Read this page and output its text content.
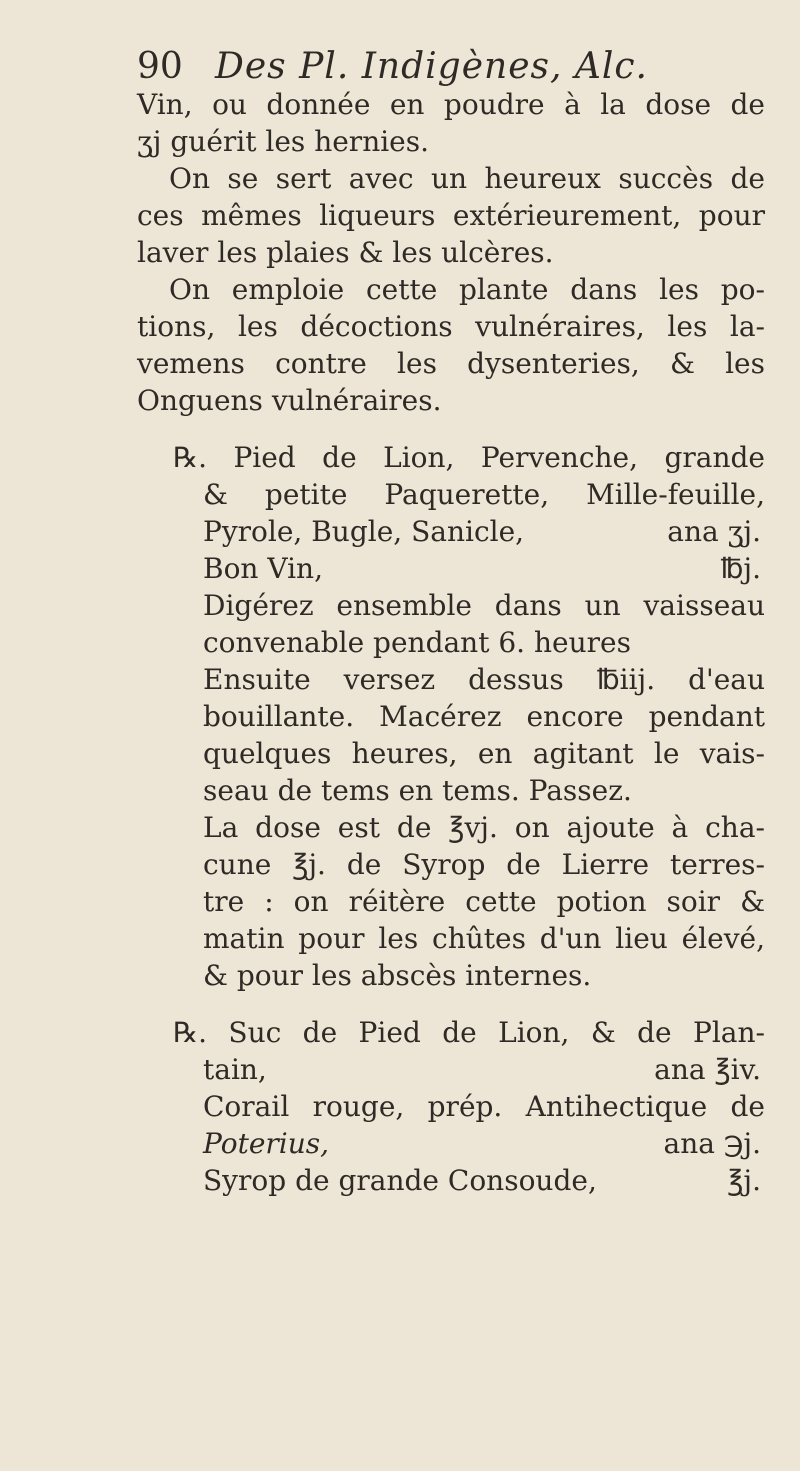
90 Des Pl. Indigènes, Alc.
Vin, ou donnée en poudre à la dose de
ʒj guérit les hernies.
On se sert avec un heureux succès de
ces mêmes liqueurs extérieurement, pour
laver les plaies & les ulcères.
On emploie cette plante dans les po-
tions, les décoctions vulnéraires, les la-
vemens contre les dysenteries, & les
Onguens vulnéraires.
℞. Pied de Lion, Pervenche, grande
& petite Paquerette, Mille-feuille,
Pyrole, Bugle, Sanicle,	ana ʒj.
Bon Vin,	℔j.
Digérez ensemble dans un vaisseau
convenable pendant 6. heures
Ensuite versez dessus ℔iij. d'eau
bouillante. Macérez encore pendant
quelques heures, en agitant le vais-
seau de tems en tems. Passez.
La dose est de ℥vj. on ajoute à cha-
cune ℥j. de Syrop de Lierre terres-
tre : on réitère cette potion soir &
matin pour les chûtes d'un lieu élevé,
& pour les abscès internes.
℞. Suc de Pied de Lion, & de Plan-
tain,	ana ℥iv.
Corail rouge, prép. Antihectique de
Poterius,	ana ℈j.
Syrop de grande Consoude,	℥j.
